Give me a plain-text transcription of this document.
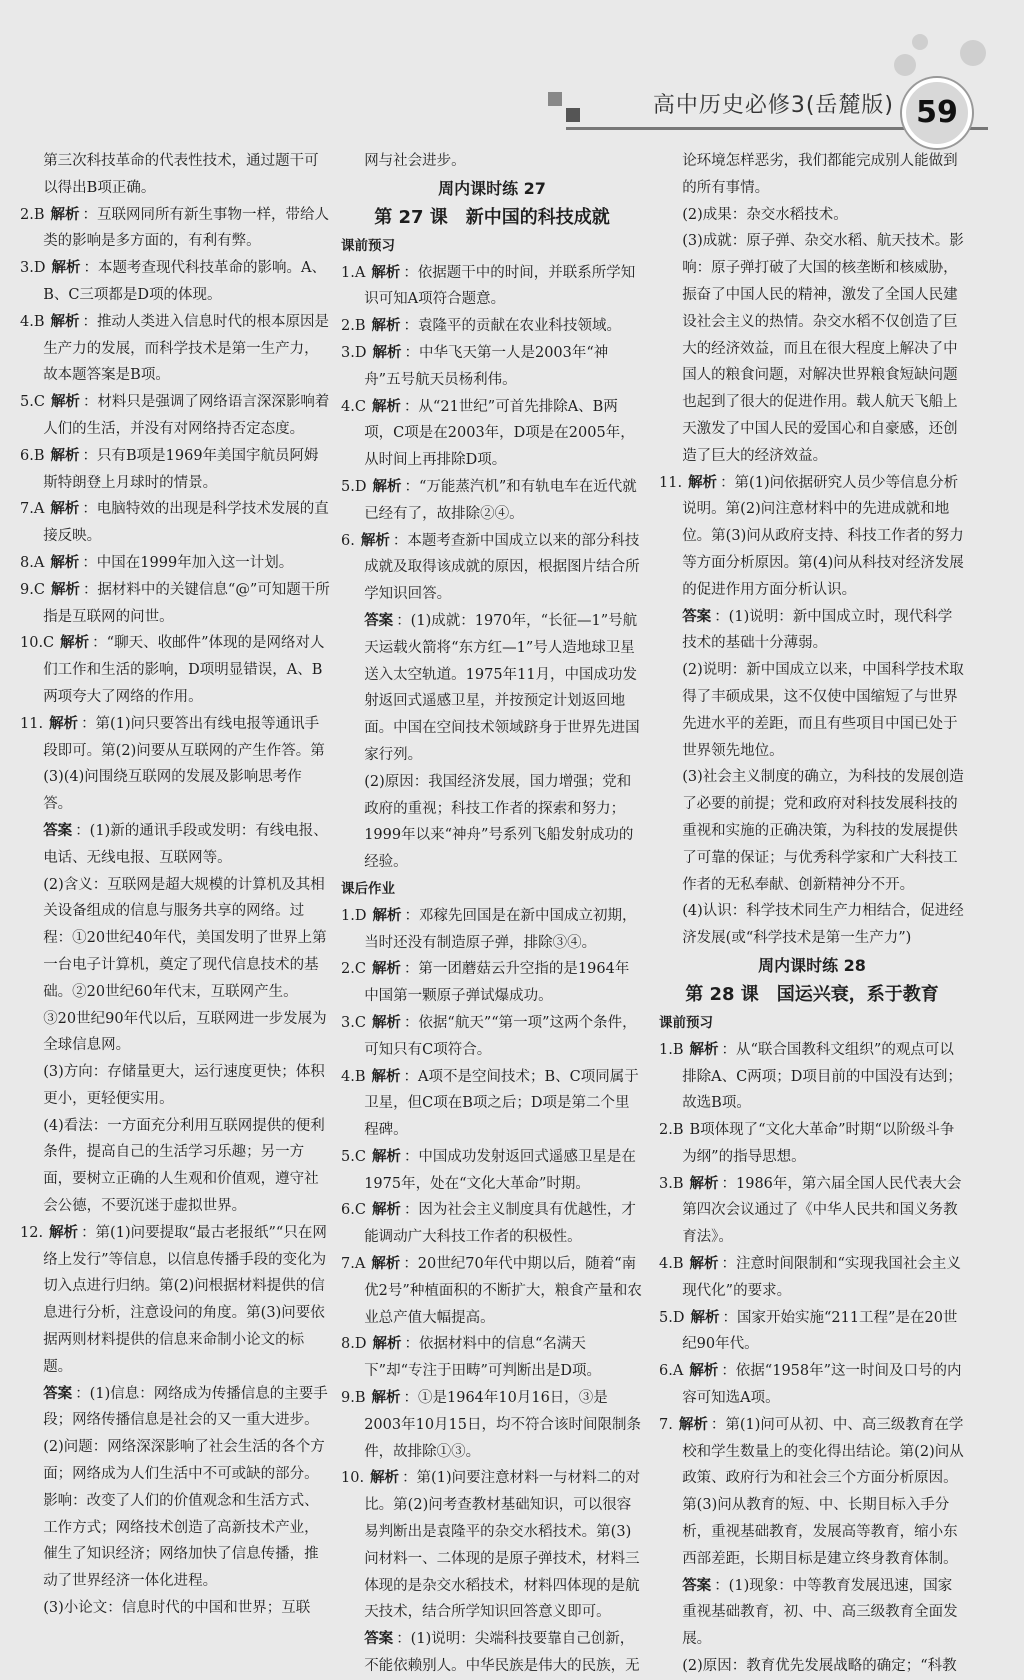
高中历史必修3(岳麓版) 59

第三次科技革命的代表性技术，通过题干可以得出B项正确。

2.B 解析 ：互联网同所有新生事物一样，带给人类的影响是多方面的，有利有弊。

3.D 解析 ：本题考查现代科技革命的影响。A、B、C三项都是D项的体现。

4.B 解析 ：推动人类进入信息时代的根本原因是生产力的发展，而科学技术是第一生产力，故本题答案是B项。

5.C 解析 ：材料只是强调了网络语言深深影响着人们的生活，并没有对网络持否定态度。

6.B 解析 ：只有B项是1969年美国宇航员阿姆斯特朗登上月球时的情景。

7.A 解析 ：电脑特效的出现是科学技术发展的直接反映。

8.A 解析 ：中国在1999年加入这一计划。

9.C 解析 ：据材料中的关键信息“@”可知题干所指是互联网的问世。

10.C 解析 ：“聊天、收邮件”体现的是网络对人们工作和生活的影响，D项明显错误，A、B两项夸大了网络的作用。

11. 解析 ：第(1)问只要答出有线电报等通讯手段即可。第(2)问要从互联网的产生作答。第(3)(4)问围绕互联网的发展及影响思考作答。

答案 ：(1)新的通讯手段或发明：有线电报、电话、无线电报、互联网等。

(2)含义：互联网是超大规模的计算机及其相关设备组成的信息与服务共享的网络。过程：①20世纪40年代，美国发明了世界上第一台电子计算机，奠定了现代信息技术的基础。②20世纪60年代末，互联网产生。③20世纪90年代以后，互联网进一步发展为全球信息网。

(3)方向：存储量更大，运行速度更快；体积更小，更轻便实用。

(4)看法：一方面充分利用互联网提供的便利条件，提高自己的生活学习乐趣；另一方面，要树立正确的人生观和价值观，遵守社会公德，不要沉迷于虚拟世界。

12. 解析 ：第(1)问要提取“最古老报纸”“只在网络上发行”等信息，以信息传播手段的变化为切入点进行归纳。第(2)问根据材料提供的信息进行分析，注意设问的角度。第(3)问要依据两则材料提供的信息来命制小论文的标题。

答案 ：(1)信息：网络成为传播信息的主要手段；网络传播信息是社会的又一重大进步。

(2)问题：网络深深影响了社会生活的各个方面；网络成为人们生活中不可或缺的部分。影响：改变了人们的价值观念和生活方式、工作方式；网络技术创造了高新技术产业，催生了知识经济；网络加快了信息传播，推动了世界经济一体化进程。

(3)小论文：信息时代的中国和世界；互联

网与社会进步。

周内课时练 27

第 27 课　新中国的科技成就

课前预习

1.A 解析 ：依据题干中的时间，并联系所学知识可知A项符合题意。

2.B 解析 ：袁隆平的贡献在农业科技领域。

3.D 解析 ：中华飞天第一人是2003年“神舟”五号航天员杨利伟。

4.C 解析 ：从“21世纪”可首先排除A、B两项，C项是在2003年，D项是在2005年，从时间上再排除D项。

5.D 解析 ：“万能蒸汽机”和有轨电车在近代就已经有了，故排除②④。

6. 解析 ：本题考查新中国成立以来的部分科技成就及取得该成就的原因，根据图片结合所学知识回答。

答案 ：(1)成就：1970年，“长征—1”号航天运载火箭将“东方红—1”号人造地球卫星送入太空轨道。1975年11月，中国成功发射返回式遥感卫星，并按预定计划返回地面。中国在空间技术领域跻身于世界先进国家行列。

(2)原因：我国经济发展，国力增强；党和政府的重视；科技工作者的探索和努力；1999年以来“神舟”号系列飞船发射成功的经验。

课后作业

1.D 解析 ：邓稼先回国是在新中国成立初期，当时还没有制造原子弹，排除③④。

2.C 解析 ：第一团蘑菇云升空指的是1964年中国第一颗原子弹试爆成功。

3.C 解析 ：依据“航天”“第一项”这两个条件，可知只有C项符合。

4.B 解析 ：A项不是空间技术；B、C项同属于卫星，但C项在B项之后；D项是第二个里程碑。

5.C 解析 ：中国成功发射返回式遥感卫星是在1975年，处在“文化大革命”时期。

6.C 解析 ：因为社会主义制度具有优越性，才能调动广大科技工作者的积极性。

7.A 解析 ：20世纪70年代中期以后，随着“南优2号”种植面积的不断扩大，粮食产量和农业总产值大幅提高。

8.D 解析 ：依据材料中的信息“名满天下”却“专注于田畴”可判断出是D项。

9.B 解析 ：①是1964年10月16日，③是2003年10月15日，均不符合该时间限制条件，故排除①③。

10. 解析 ：第(1)问要注意材料一与材料二的对比。第(2)问考查教材基础知识，可以很容易判断出是袁隆平的杂交水稻技术。第(3)问材料一、二体现的是原子弹技术，材料三体现的是杂交水稻技术，材料四体现的是航天技术，结合所学知识回答意义即可。

答案 ：(1)说明：尖端科技要靠自己创新，不能依赖别人。中华民族是伟大的民族，无

论环境怎样恶劣，我们都能完成别人能做到的所有事情。

(2)成果：杂交水稻技术。

(3)成就：原子弹、杂交水稻、航天技术。影响：原子弹打破了大国的核垄断和核威胁，振奋了中国人民的精神，激发了全国人民建设社会主义的热情。杂交水稻不仅创造了巨大的经济效益，而且在很大程度上解决了中国人的粮食问题，对解决世界粮食短缺问题也起到了很大的促进作用。载人航天飞船上天激发了中国人民的爱国心和自豪感，还创造了巨大的经济效益。

11. 解析 ：第(1)问依据研究人员少等信息分析说明。第(2)问注意材料中的先进成就和地位。第(3)问从政府支持、科技工作者的努力等方面分析原因。第(4)问从科技对经济发展的促进作用方面分析认识。

答案 ：(1)说明：新中国成立时，现代科学技术的基础十分薄弱。

(2)说明：新中国成立以来，中国科学技术取得了丰硕成果，这不仅使中国缩短了与世界先进水平的差距，而且有些项目中国已处于世界领先地位。

(3)社会主义制度的确立，为科技的发展创造了必要的前提；党和政府对科技发展科技的重视和实施的正确决策，为科技的发展提供了可靠的保证；与优秀科学家和广大科技工作者的无私奉献、创新精神分不开。

(4)认识：科学技术同生产力相结合，促进经济发展(或“科学技术是第一生产力”)

周内课时练 28

第 28 课　国运兴衰，系于教育

课前预习

1.B 解析 ：从“联合国教科文组织”的观点可以排除A、C两项；D项目前的中国没有达到；故选B项。

2.B B项体现了“文化大革命”时期“以阶级斗争为纲”的指导思想。

3.B 解析 ：1986年，第六届全国人民代表大会第四次会议通过了《中华人民共和国义务教育法》。

4.B 解析 ：注意时间限制和“实现我国社会主义现代化”的要求。

5.D 解析 ：国家开始实施“211工程”是在20世纪90年代。

6.A 解析 ：依据“1958年”这一时间及口号的内容可知选A项。

7. 解析 ：第(1)问可从初、中、高三级教育在学校和学生数量上的变化得出结论。第(2)问从政策、政府行为和社会三个方面分析原因。第(3)问从教育的短、中、长期目标入手分析，重视基础教育，发展高等教育，缩小东西部差距，长期目标是建立终身教育体制。

答案 ：(1)现象：中等教育发展迅速，国家重视基础教育，初、中、高三级教育全面发展。

(2)原因：教育优先发展战略的确定；“科教
